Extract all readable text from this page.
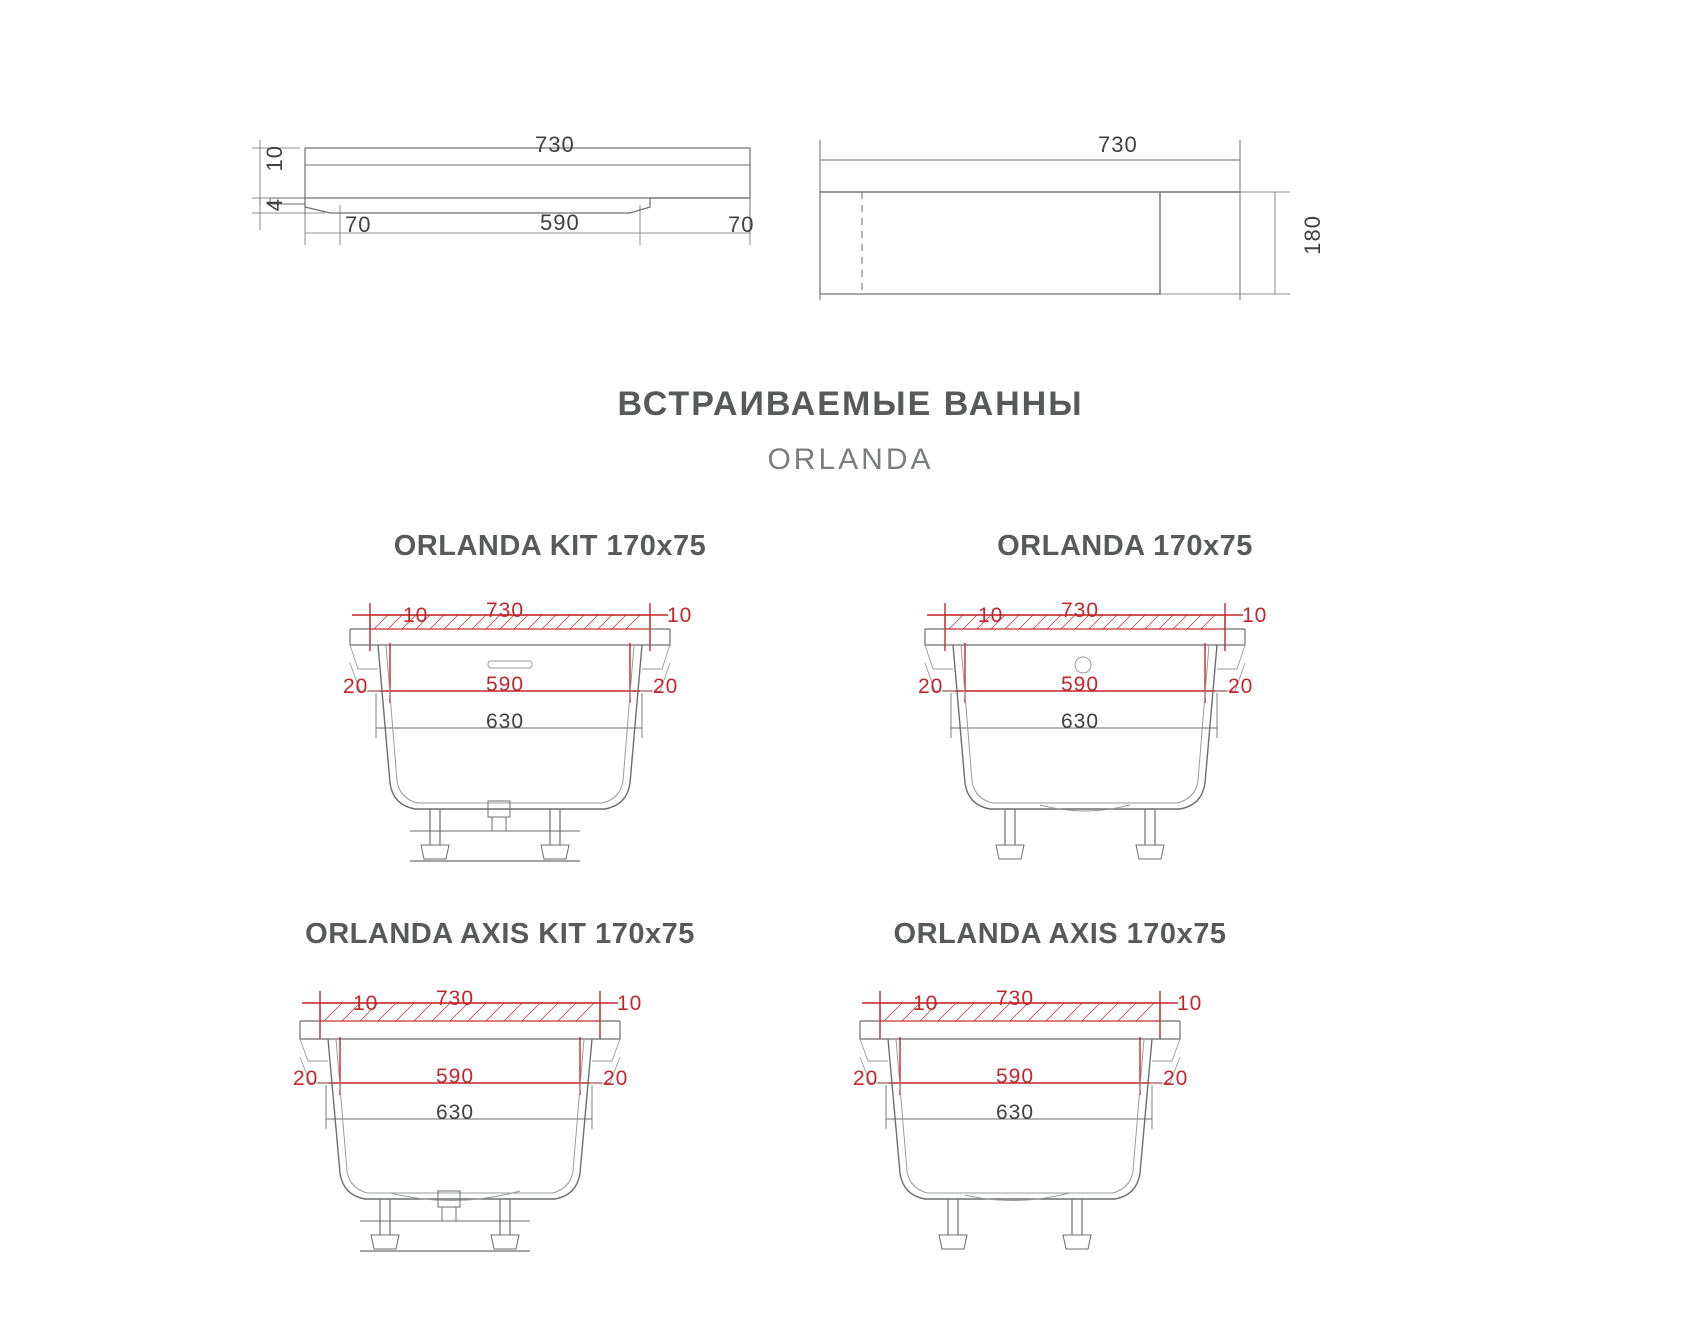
730
590
70	70
10
4
730
180
ВСТРАИВАЕМЫЕ ВАННЫ
ORLANDA
ORLANDA KIT 170x75
10	730	10
20	590	20
630
ORLANDA 170x75
10	730	10
20	590	20
630
ORLANDA AXIS KIT 170x75
10	730	10
20	590	20
630
ORLANDA AXIS 170x75
10	730	10
20	590	20
630
